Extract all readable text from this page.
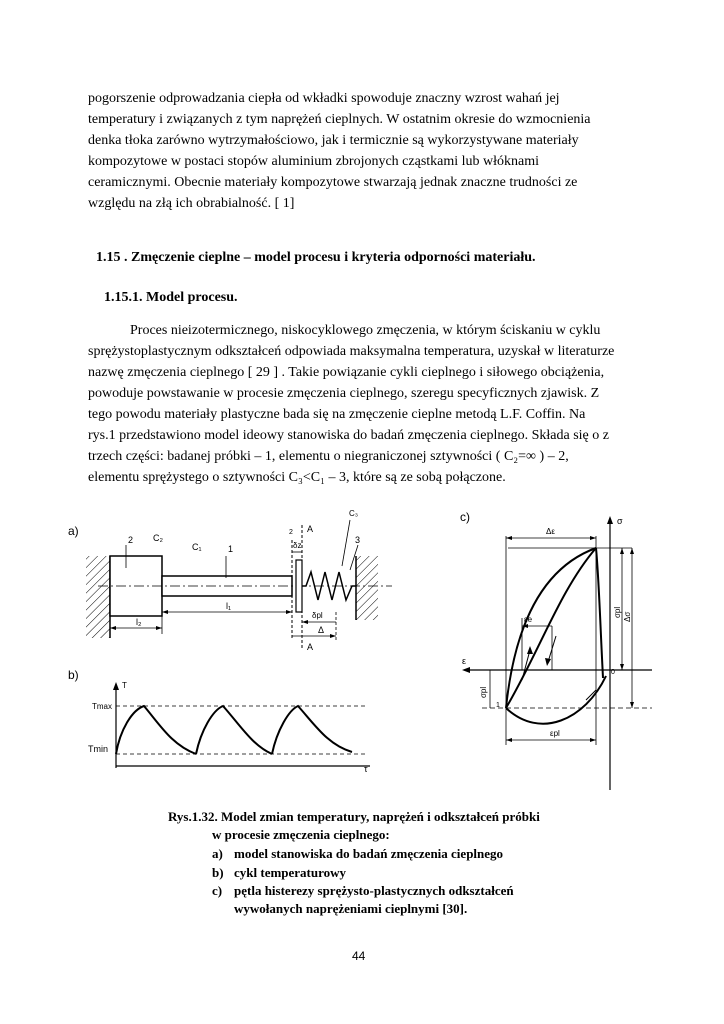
pogorszenie odprowadzania ciepła od wkładki spowoduje znaczny wzrost wahań jej
temperatury i związanych z tym naprężeń cieplnych. W ostatnim okresie do wzmocnienia
denka tłoka zarówno wytrzymałościowo, jak i termicznie są wykorzystywane materiały
kompozytowe w postaci stopów aluminium zbrojonych cząstkami lub włóknami
ceramicznymi. Obecnie materiały kompozytowe stwarzają jednak znaczne trudności ze
względu na złą ich obrabialność. [ 1]
1.15 . Zmęczenie cieplne – model procesu i kryteria odporności materiału.
1.15.1. Model procesu.
Proces nieizotermicznego, niskocyklowego zmęczenia, w którym ściskaniu w cyklu
sprężystoplastycznym odkształceń odpowiada maksymalna temperatura, uzyskał w literaturze
nazwę zmęczenia cieplnego [ 29 ] . Takie powiązanie cykli cieplnego i siłowego obciążenia,
powoduje powstawanie w procesie zmęczenia cieplnego, szeregu specyficznych zjawisk. Z
tego powodu materiały plastyczne bada się na zmęczenie cieplne metodą L.F. Coffin. Na
rys.1 przedstawiono model ideowy stanowiska do badań zmęczenia cieplnego. Składa się o z
trzech części: badanej próbki – 1, elementu o niegraniczonej sztywności ( C₂=∞ ) – 2,
elementu sprężystego o sztywności C₃<C₁ – 3, które są ze sobą połączone.
a)
b)
c)
2 C₂
C₁	1
2 A
C₃
3
δz
l₁
l₂
δpl
Δ
A
T
Tmax
Tmin
τ
σ
ε
Δε
εe
εpl
σpl Δσ
σpl
0
1
Rys.1.32. Model zmian temperatury, naprężeń i odkształceń próbki
w procesie zmęczenia cieplnego:
a) model stanowiska do badań zmęczenia cieplnego
b) cykl temperaturowy
c) pętla histerezy sprężysto-plastycznych odkształceń
wywołanych naprężeniami cieplnymi [30].
44
